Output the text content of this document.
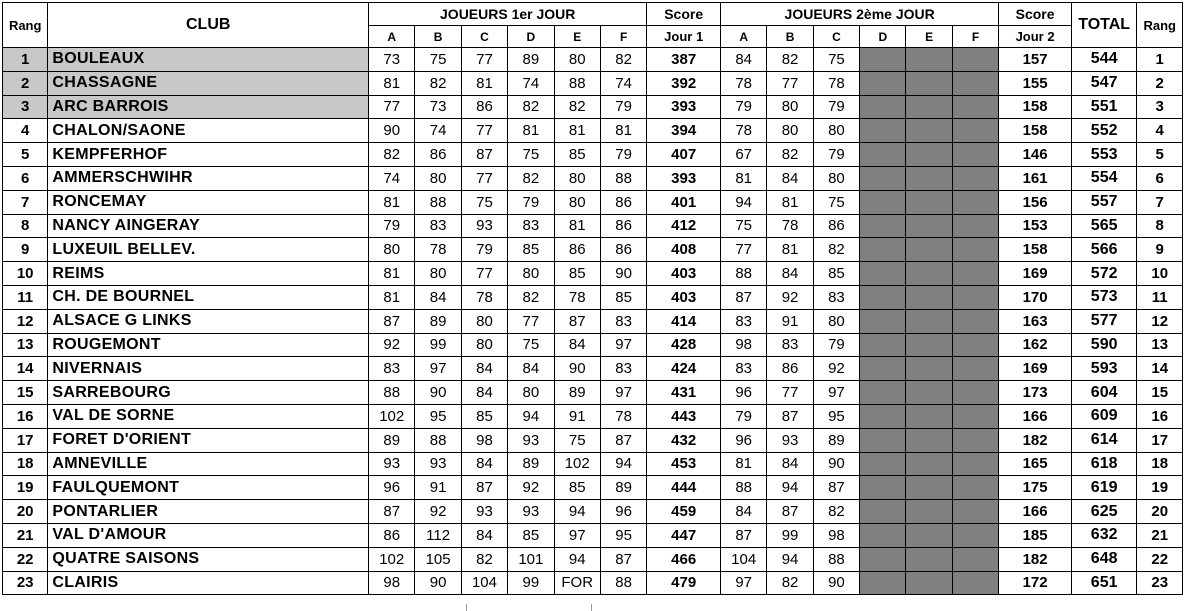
Rang	CLUB	JOUEURS 1er JOUR						Score	JOUEURS 2ème JOUR						Score	TOTAL	Rang
		A	B	C	D	E	F	Jour 1	A	B	C	D	E	F	Jour 2		
1	BOULEAUX	73	75	77	89	80	82	387	84	82	75				157	544	1
2	CHASSAGNE	81	82	81	74	88	74	392	78	77	78				155	547	2
3	ARC BARROIS	77	73	86	82	82	79	393	79	80	79				158	551	3
4	CHALON/SAONE	90	74	77	81	81	81	394	78	80	80				158	552	4
5	KEMPFERHOF	82	86	87	75	85	79	407	67	82	79				146	553	5
6	AMMERSCHWIHR	74	80	77	82	80	88	393	81	84	80				161	554	6
7	RONCEMAY	81	88	75	79	80	86	401	94	81	75				156	557	7
8	NANCY AINGERAY	79	83	93	83	81	86	412	75	78	86				153	565	8
9	LUXEUIL BELLEV.	80	78	79	85	86	86	408	77	81	82				158	566	9
10	REIMS	81	80	77	80	85	90	403	88	84	85				169	572	10
11	CH. DE BOURNEL	81	84	78	82	78	85	403	87	92	83				170	573	11
12	ALSACE G LINKS	87	89	80	77	87	83	414	83	91	80				163	577	12
13	ROUGEMONT	92	99	80	75	84	97	428	98	83	79				162	590	13
14	NIVERNAIS	83	97	84	84	90	83	424	83	86	92				169	593	14
15	SARREBOURG	88	90	84	80	89	97	431	96	77	97				173	604	15
16	VAL DE SORNE	102	95	85	94	91	78	443	79	87	95				166	609	16
17	FORET D'ORIENT	89	88	98	93	75	87	432	96	93	89				182	614	17
18	AMNEVILLE	93	93	84	89	102	94	453	81	84	90				165	618	18
19	FAULQUEMONT	96	91	87	92	85	89	444	88	94	87				175	619	19
20	PONTARLIER	87	92	93	93	94	96	459	84	87	82				166	625	20
21	VAL D'AMOUR	86	112	84	85	97	95	447	87	99	98				185	632	21
22	QUATRE SAISONS	102	105	82	101	94	87	466	104	94	88				182	648	22
23	CLAIRIS	98	90	104	99	FOR	88	479	97	82	90				172	651	23
